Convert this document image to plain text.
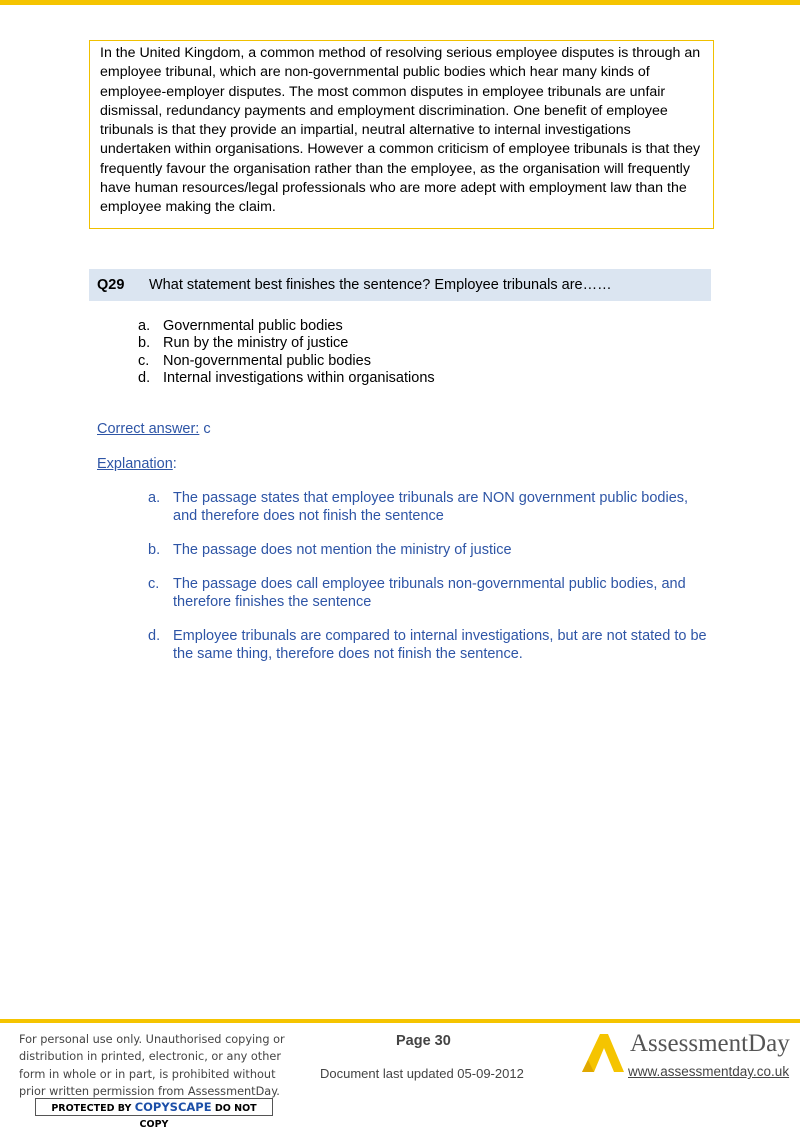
In the United Kingdom, a common method of resolving serious employee disputes is through an employee tribunal, which are non-governmental public bodies which hear many kinds of employee-employer disputes. The most common disputes in employee tribunals are unfair dismissal, redundancy payments and employment discrimination. One benefit of employee tribunals is that they provide an impartial, neutral alternative to internal investigations undertaken within organisations. However a common criticism of employee tribunals is that they frequently favour the organisation rather than the employee, as the organisation will frequently have human resources/legal professionals who are more adept with employment law than the employee making the claim.
Q29 What statement best finishes the sentence? Employee tribunals are……
a. Governmental public bodies
b. Run by the ministry of justice
c. Non-governmental public bodies
d. Internal investigations within organisations
Correct answer: c
Explanation:
a. The passage states that employee tribunals are NON government public bodies, and therefore does not finish the sentence
b. The passage does not mention the ministry of justice
c. The passage does call employee tribunals non-governmental public bodies, and therefore finishes the sentence
d. Employee tribunals are compared to internal investigations, but are not stated to be the same thing, therefore does not finish the sentence.
For personal use only. Unauthorised copying or
distribution in printed, electronic, or any other
form in whole or in part, is prohibited without
prior written permission from AssessmentDay.
PROTECTED BY COPYSCAPE DO NOT COPY
Page 30
Document last updated 05-09-2012
AssessmentDay
www.assessmentday.co.uk
